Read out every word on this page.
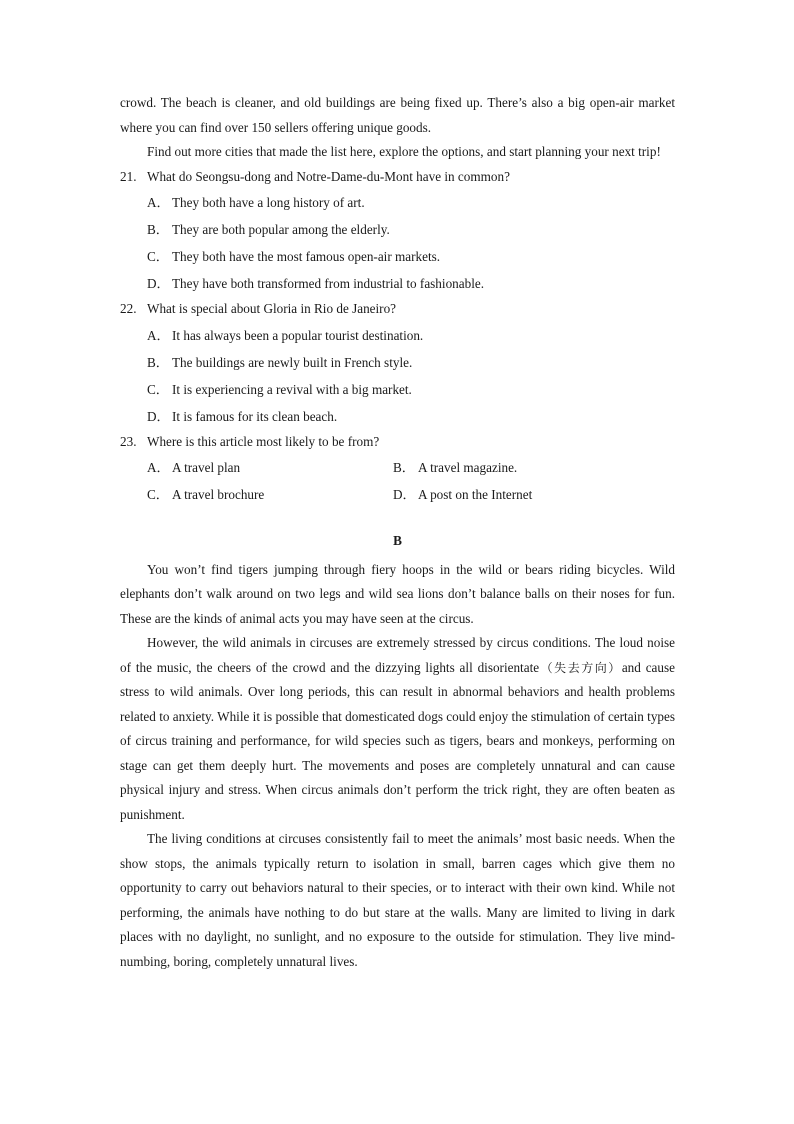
crowd. The beach is cleaner, and old buildings are being fixed up. There’s also a big open-air market where you can find over 150 sellers offering unique goods.

Find out more cities that made the list here, explore the options, and start planning your next trip!

21. What do Seongsu-dong and Notre-Dame-du-Mont have in common?

A． They both have a long history of art.

B． They are both popular among the elderly.

C． They both have the most famous open-air markets.

D． They have both transformed from industrial to fashionable.

22. What is special about Gloria in Rio de Janeiro?

A． It has always been a popular tourist destination.

B． The buildings are newly built in French style.

C． It is experiencing a revival with a big market.

D． It is famous for its clean beach.

23. Where is this article most likely to be from?

A． A travel plan	B． A travel magazine.
C． A travel brochure	D． A post on the Internet

B

You won’t find tigers jumping through fiery hoops in the wild or bears riding bicycles. Wild elephants don’t walk around on two legs and wild sea lions don’t balance balls on their noses for fun. These are the kinds of animal acts you may have seen at the circus.

However, the wild animals in circuses are extremely stressed by circus conditions. The loud noise of the music, the cheers of the crowd and the dizzying lights all disorientate（失去方向）and cause stress to wild animals. Over long periods, this can result in abnormal behaviors and health problems related to anxiety. While it is possible that domesticated dogs could enjoy the stimulation of certain types of circus training and performance, for wild species such as tigers, bears and monkeys, performing on stage can get them deeply hurt. The movements and poses are completely unnatural and can cause physical injury and stress. When circus animals don’t perform the trick right, they are often beaten as punishment.

The living conditions at circuses consistently fail to meet the animals’ most basic needs. When the show stops, the animals typically return to isolation in small, barren cages which give them no opportunity to carry out behaviors natural to their species, or to interact with their own kind. While not performing, the animals have nothing to do but stare at the walls. Many are limited to living in dark places with no daylight, no sunlight, and no exposure to the outside for stimulation. They live mind-numbing, boring, completely unnatural lives.
